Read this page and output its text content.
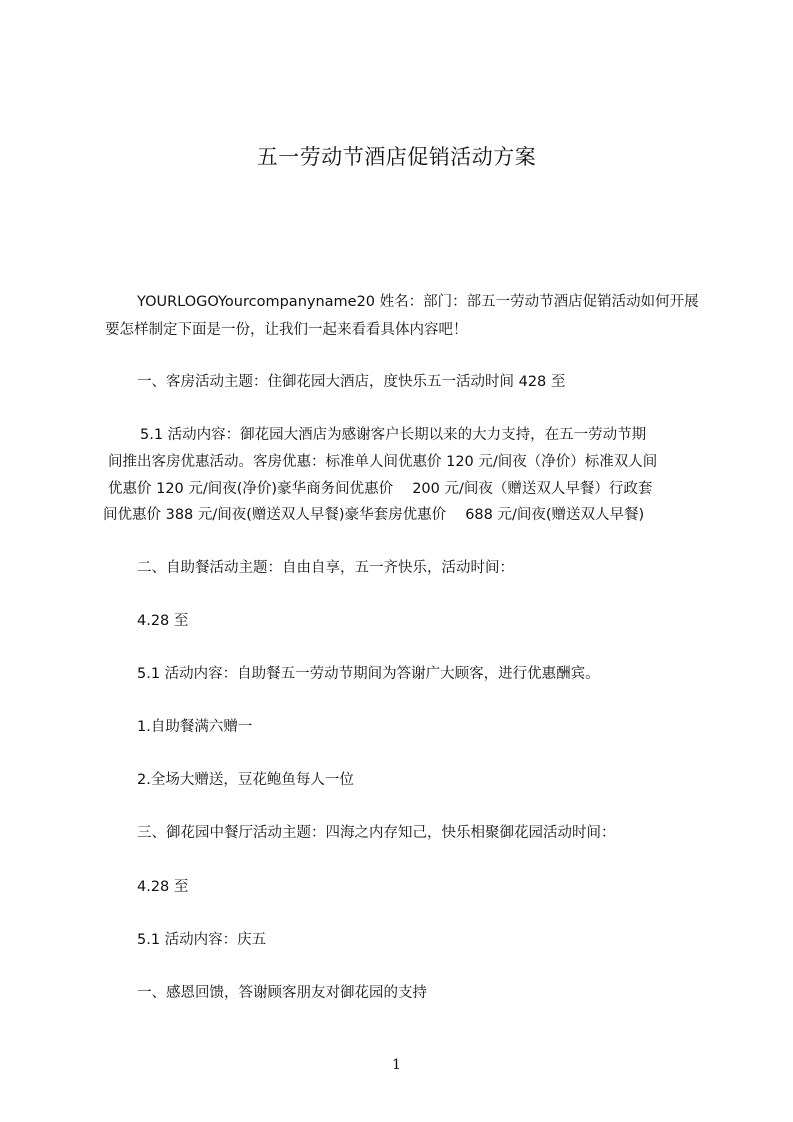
五一劳动节酒店促销活动方案
YOURLOGOYourcompanyname20 姓名：部门：部五一劳动节酒店促销活动如何开展
要怎样制定下面是一份，让我们一起来看看具体内容吧！
一、客房活动主题：住御花园大酒店，度快乐五一活动时间 428 至
5.1 活动内容：御花园大酒店为感谢客户长期以来的大力支持，在五一劳动节期
间推出客房优惠活动。客房优惠：标准单人间优惠价 120 元/间夜（净价）标准双人间
优惠价 120 元/间夜(净价)豪华商务间优惠价　 200 元/间夜（赠送双人早餐）行政套
间优惠价 388 元/间夜(赠送双人早餐)豪华套房优惠价　 688 元/间夜(赠送双人早餐)
二、自助餐活动主题：自由自享，五一齐快乐，活动时间：
4.28 至
5.1 活动内容：自助餐五一劳动节期间为答谢广大顾客，进行优惠酬宾。
1.自助餐满六赠一
2.全场大赠送，豆花鲍鱼每人一位
三、御花园中餐厅活动主题：四海之内存知己，快乐相聚御花园活动时间：
4.28 至
5.1 活动内容：庆五
一、感恩回馈，答谢顾客朋友对御花园的支持
1
